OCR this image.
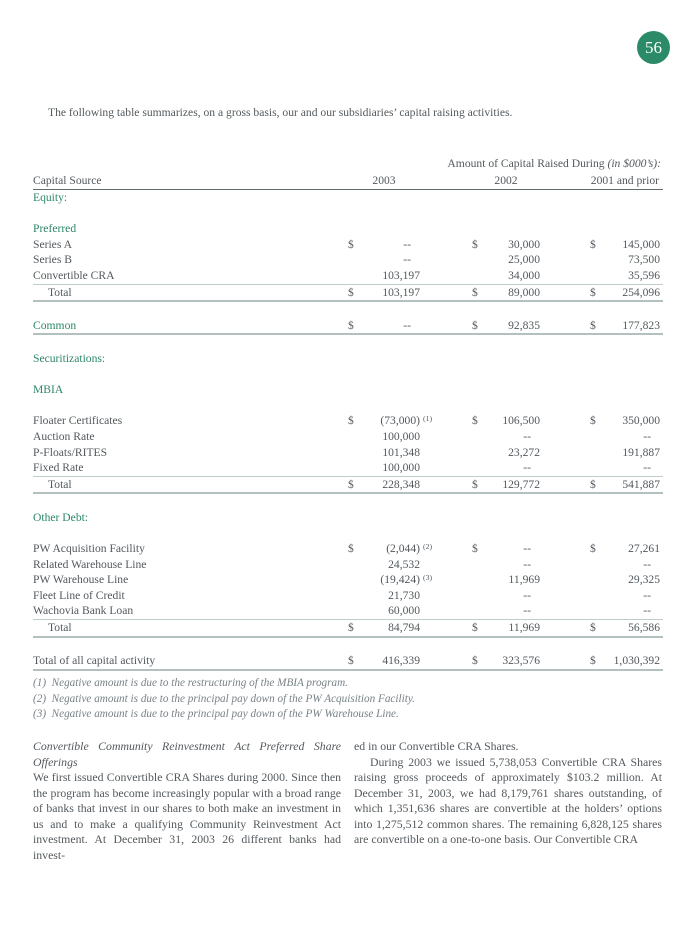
56

The following table summarizes, on a gross basis, our and our subsidiaries’ capital raising activities.

	Amount of Capital Raised During (in $000’s):								
Capital Source	2003			2002			2001 and prior		
Equity:									

Preferred									
Series A	$	--		$	30,000		$	145,000	
Series B		--			25,000			73,500	
Convertible CRA		103,197			34,000			35,596	
Total	$	103,197		$	89,000		$	254,096	

Common	$	--		$	92,835		$	177,823	

Securitizations:									

MBIA									

Floater Certificates	$	(73,000) (1)		$	106,500		$	350,000	
Auction Rate		100,000			--			--	
P-Floats/RITES		101,348			23,272			191,887	
Fixed Rate		100,000			--			--	
Total	$	228,348		$	129,772		$	541,887	

Other Debt:									

PW Acquisition Facility	$	(2,044) (2)		$	--		$	27,261	
Related Warehouse Line		24,532			--			--	
PW Warehouse Line		(19,424) (3)			11,969			29,325	
Fleet Line of Credit		21,730			--			--	
Wachovia Bank Loan		60,000			--			--	
Total	$	84,794		$	11,969		$	56,586	

Total of all capital activity	$	416,339		$	323,576		$	1,030,392	
(1)  Negative amount is due to the restructuring of the MBIA program.
(2)  Negative amount is due to the principal pay down of the PW Acquisition Facility.
(3)  Negative amount is due to the principal pay down of the PW Warehouse Line.
Convertible Community Reinvestment Act Preferred Share Offerings
We first issued Convertible CRA Shares during 2000. Since then the program has become increasingly popular with a broad range of banks that invest in our shares to both make an investment in us and to make a qualifying Community Reinvestment Act investment. At December 31, 2003 26 different banks had invest-
ed in our Convertible CRA Shares.
During 2003 we issued 5,738,053 Convertible CRA Shares raising gross proceeds of approximately $103.2 million. At December 31, 2003, we had 8,179,761 shares outstanding, of which 1,351,636 shares are convertible at the holders’ options into 1,275,512 common shares. The remaining 6,828,125 shares are convertible on a one-to-one basis. Our Convertible CRA
